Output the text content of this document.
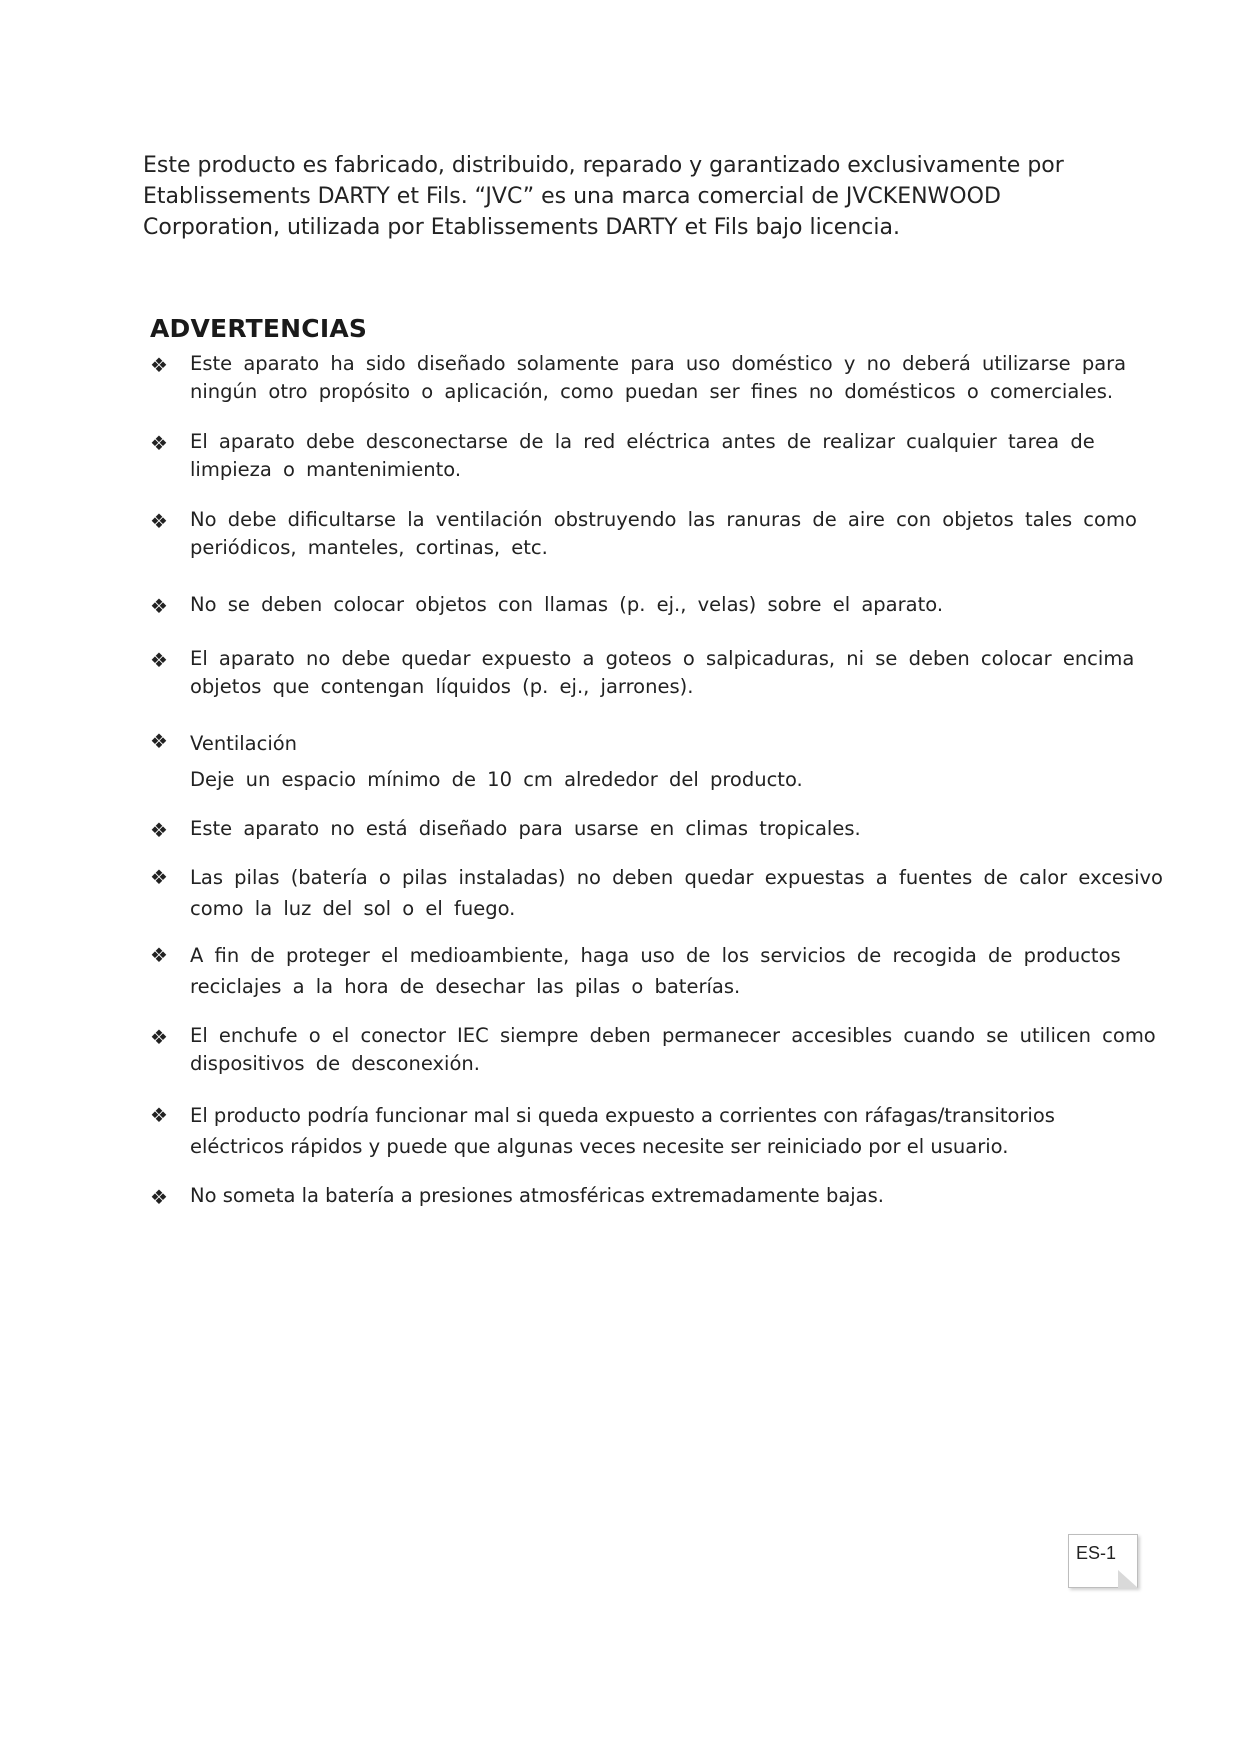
Este producto es fabricado, distribuido, reparado y garantizado exclusivamente por
Etablissements DARTY et Fils. “JVC” es una marca comercial de JVCKENWOOD
Corporation, utilizada por Etablissements DARTY et Fils bajo licencia.

ADVERTENCIAS
❖ Este aparato ha sido diseñado solamente para uso doméstico y no deberá utilizarse para
ningún otro propósito o aplicación, como puedan ser fines no domésticos o comerciales.
❖ El aparato debe desconectarse de la red eléctrica antes de realizar cualquier tarea de
limpieza o mantenimiento.
❖ No debe dificultarse la ventilación obstruyendo las ranuras de aire con objetos tales como
periódicos, manteles, cortinas, etc.
❖ No se deben colocar objetos con llamas (p. ej., velas) sobre el aparato.
❖ El aparato no debe quedar expuesto a goteos o salpicaduras, ni se deben colocar encima
objetos que contengan líquidos (p. ej., jarrones).
❖ Ventilación
Deje un espacio mínimo de 10 cm alrededor del producto.
❖ Este aparato no está diseñado para usarse en climas tropicales.
❖ Las pilas (batería o pilas instaladas) no deben quedar expuestas a fuentes de calor excesivo
como la luz del sol o el fuego.
❖ A fin de proteger el medioambiente, haga uso de los servicios de recogida de productos
reciclajes a la hora de desechar las pilas o baterías.
❖ El enchufe o el conector IEC siempre deben permanecer accesibles cuando se utilicen como
dispositivos de desconexión.
❖ El producto podría funcionar mal si queda expuesto a corrientes con ráfagas/transitorios
eléctricos rápidos y puede que algunas veces necesite ser reiniciado por el usuario.
❖ No someta la batería a presiones atmosféricas extremadamente bajas.
ES-1
